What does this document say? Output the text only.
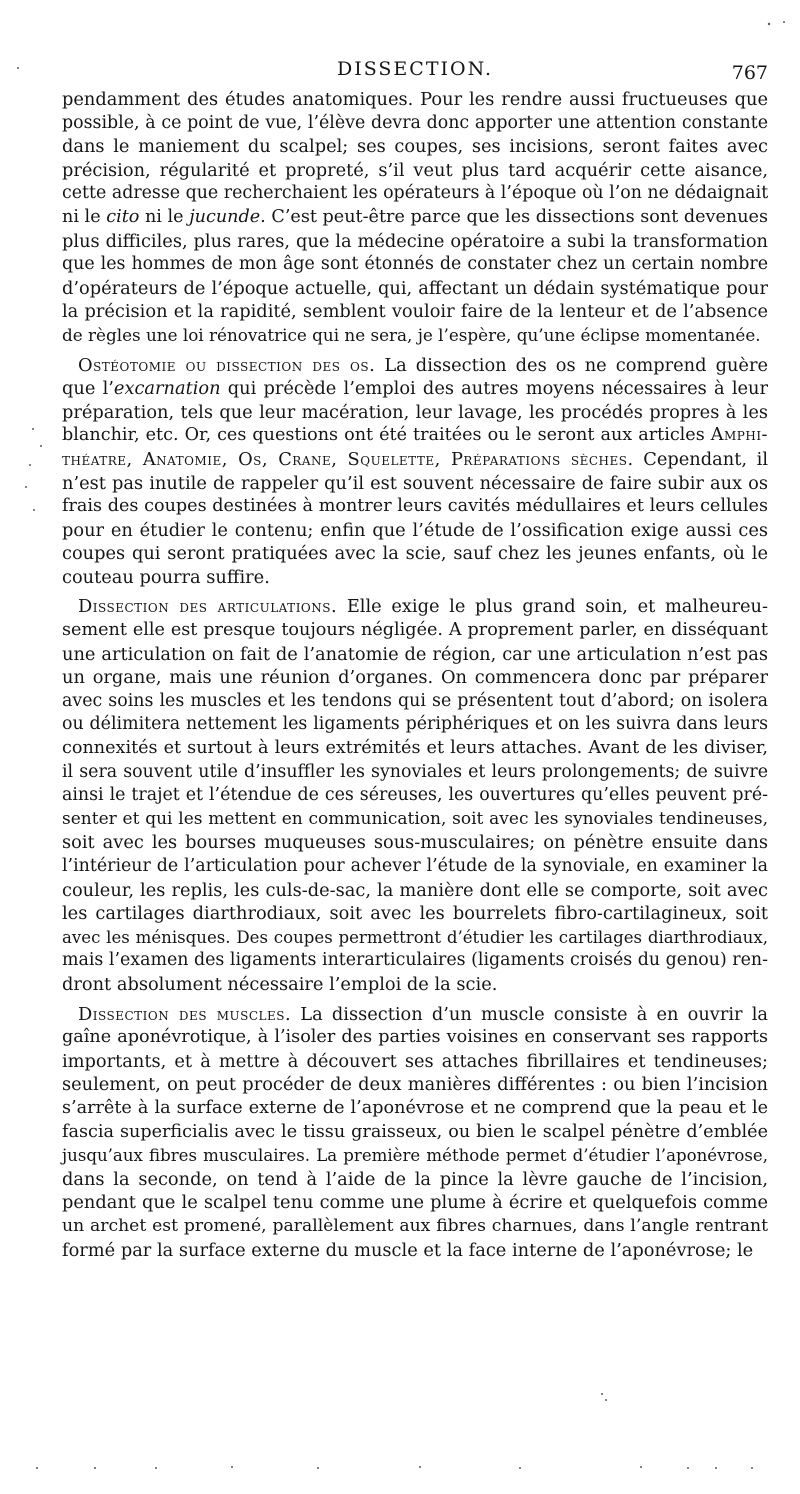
DISSECTION.	767
pendamment des études anatomiques. Pour les rendre aussi fructueuses que
possible, à ce point de vue, l’élève devra donc apporter une attention constante
dans le maniement du scalpel; ses coupes, ses incisions, seront faites avec
précision, régularité et propreté, s’il veut plus tard acquérir cette aisance,
cette adresse que recherchaient les opérateurs à l’époque où l’on ne dédaignait
ni le cito ni le jucunde. C’est peut-être parce que les dissections sont devenues
plus difficiles, plus rares, que la médecine opératoire a subi la transformation
que les hommes de mon âge sont étonnés de constater chez un certain nombre
d’opérateurs de l’époque actuelle, qui, affectant un dédain systématique pour
la précision et la rapidité, semblent vouloir faire de la lenteur et de l’absence
de règles une loi rénovatrice qui ne sera, je l’espère, qu’une éclipse momentanée.
Ostéotomie ou dissection des os. La dissection des os ne comprend guère
que l’excarnation qui précède l’emploi des autres moyens nécessaires à leur
préparation, tels que leur macération, leur lavage, les procédés propres à les
blanchir, etc. Or, ces questions ont été traitées ou le seront aux articles Amphi-
théatre, Anatomie, Os, Crane, Squelette, Préparations sèches. Cependant, il
n’est pas inutile de rappeler qu’il est souvent nécessaire de faire subir aux os
frais des coupes destinées à montrer leurs cavités médullaires et leurs cellules
pour en étudier le contenu; enfin que l’étude de l’ossification exige aussi ces
coupes qui seront pratiquées avec la scie, sauf chez les jeunes enfants, où le
couteau pourra suffire.
Dissection des articulations. Elle exige le plus grand soin, et malheureu-
sement elle est presque toujours négligée. A proprement parler, en disséquant
une articulation on fait de l’anatomie de région, car une articulation n’est pas
un organe, mais une réunion d’organes. On commencera donc par préparer
avec soins les muscles et les tendons qui se présentent tout d’abord; on isolera
ou délimitera nettement les ligaments périphériques et on les suivra dans leurs
connexités et surtout à leurs extrémités et leurs attaches. Avant de les diviser,
il sera souvent utile d’insuffler les synoviales et leurs prolongements; de suivre
ainsi le trajet et l’étendue de ces séreuses, les ouvertures qu’elles peuvent pré-
senter et qui les mettent en communication, soit avec les synoviales tendineuses,
soit avec les bourses muqueuses sous-musculaires; on pénètre ensuite dans
l’intérieur de l’articulation pour achever l’étude de la synoviale, en examiner la
couleur, les replis, les culs-de-sac, la manière dont elle se comporte, soit avec
les cartilages diarthrodiaux, soit avec les bourrelets fibro-cartilagineux, soit
avec les ménisques. Des coupes permettront d’étudier les cartilages diarthrodiaux,
mais l’examen des ligaments interarticulaires (ligaments croisés du genou) ren-
dront absolument nécessaire l’emploi de la scie.
Dissection des muscles. La dissection d’un muscle consiste à en ouvrir la
gaîne aponévrotique, à l’isoler des parties voisines en conservant ses rapports
importants, et à mettre à découvert ses attaches fibrillaires et tendineuses;
seulement, on peut procéder de deux manières différentes : ou bien l’incision
s’arrête à la surface externe de l’aponévrose et ne comprend que la peau et le
fascia superficialis avec le tissu graisseux, ou bien le scalpel pénètre d’emblée
jusqu’aux fibres musculaires. La première méthode permet d’étudier l’aponévrose,
dans la seconde, on tend à l’aide de la pince la lèvre gauche de l’incision,
pendant que le scalpel tenu comme une plume à écrire et quelquefois comme
un archet est promené, parallèlement aux fibres charnues, dans l’angle rentrant
formé par la surface externe du muscle et la face interne de l’aponévrose; le
